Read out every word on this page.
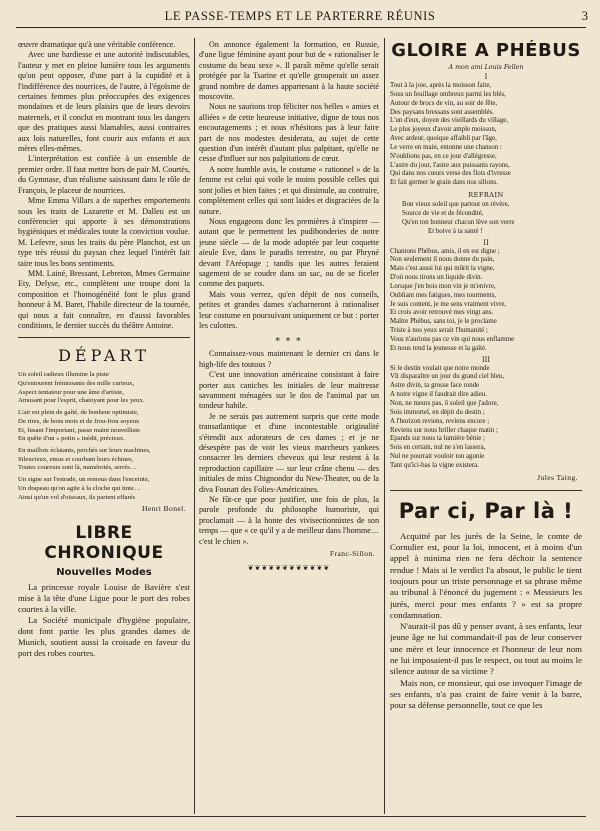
LE PASSE-TEMPS ET LE PARTERRE RÉUNIS	3

œuvre dramatique qu'à une véritable conférence.

Avec une hardiesse et une autorité indiscutables, l'auteur y met en pleine lumière tous les arguments qu'on peut opposer, d'une part à la cupidité et à l'indifférence des nourrices, de l'autre, à l'égoïsme de certaines femmes plus préoccupées des exigences mondaines et de leurs plaisirs que de leurs devoirs maternels, et il conclut en montrant tous les dangers que des pratiques aussi blamables, aussi contraires aux lois naturelles, font courir aux enfants et aux mères elles-mêmes.

L'interprétation est confiée à un ensemble de premier ordre. Il faut mettre hors de pair M. Courtès, du Gymnase, d'un réalisme saisissant dans le rôle de François, le placeur de nourrices.

Mme Emma Villars a de superbes emportements sous les traits de Lazarette et M. Dalleu est un conférencier qui apporte à ses démonstrations hygiéniques et médicales toute la conviction voulue. M. Lefevre, sous les traits du père Planchot, est un type très réussi du paysan chez lequel l'intérêt fait taire tous les bons sentiments.

MM. Lainé, Bressant, Lebreton, Mmes Germaine Ety, Delyse, etc., complètent une troupe dont la composition et l'homogénéité font le plus grand honneur à M. Baret, l'habile directeur de la tournée, qui nous a fait connaître, en d'aussi favorables conditions, le dernier succès du théâtre Antoine.

DÉPART
Un soleil radieux illumine la piste
Qu'entourent frémissants des mille curieux,
Aspect tentateur pour une âme d'artiste,
Amusant pour l'esprit, chatoyant pour les yeux.
L'air est plein de gaîté, de bonheur optimiste,
De rires, de bons mots et de frou-frou soyeux
Et, fusant l'important, passe maint nouvelliste
En quête d'un « potin » inédit, précieux.
En maillots éclatants, perchés sur leurs machines,
Silencieux, emus et courbant leurs échines,
Toutes coureurs sont là, numérotés, serrés…
Un signe sur l'estrade, un remous dans l'enceinte,
Un drapeau qu'on agite à la cloche qui tinte…
Ainsi qu'un vol d'oiseaux, ils partent effarés
Henri Bonel.
LIBRE CHRONIQUE
Nouvelles Modes

La princesse royale Louise de Bavière s'est mise à la tête d'une Ligue pour le port des robes courtes à la ville.

La Société municipale d'hygiène populaire, dont font partie les plus grandes dames de Munich, soutient aussi la croisade en faveur du port des robes courtes.

On annonce également la formation, en Russie, d'une ligue féminine ayant pour but de « rationaliser le costume du beau sexe ». Il paraît même qu'elle serait protégée par la Tsarine et qu'elle grouperait un assez grand nombre de dames appartenant à la haute société moscovite.

Nous ne saurions trop féliciter nos belles « amies et alliées » de cette heureuse initiative, digne de tous nos encouragements ; et nous n'hésitons pas à leur faire part de nos modestes desiderata, au sujet de cette question d'un intérêt d'autant plus palpitant, qu'elle ne cesse d'influer sur nos palpitations de cœur.

A notre humble avis, le costume « rationnel » de la femme est celui qui voile le moins possible celles qui sont jolies et bien faites ; et qui dissimule, au contraire, complètement celles qui sont laides et disgraciées de la nature.

Nous engageons donc les premières à s'inspirer — autant que le permettent les pudibonderies de notre jeune siècle — de la mode adoptée par leur coquette aïeule Eve, dans le paradis terrestre, ou par Phryné devant l'Aréopage ; tandis que les autres feraient sagement de se coudre dans un sac, ou de se ficeler comme des paquets.

Mais vous verrez, qu'en dépit de nos conseils, petites et grandes dames s'acharneront à rationaliser leur costume en poursuivant uniquement ce but : porter les culottes.

* * *

Connaissez-vous maintenant le dernier cri dans le high-life des toutous ?

C'est une innovation américaine consistant à faire porter aux caniches les initiales de leur maitresse savamment ménagées sur le dos de l'animal par un tondeur habile.

Je ne serais pas autrement surpris que cette mode transatlantique et d'une incontestable originalité s'étendit aux adorateurs de ces dames ; et je ne désespère pas de voir les vieux marcheurs yankees consacrer les derniers cheveux qui leur restent à la reproduction capillaire — sur leur crâne chenu — des initiales de miss Chignondor du New-Theater, ou de la diva Fosnatt des Folies-Américaines.

Ne fût-ce que pour justifier, une fois de plus, la parole profonde du philosophe humoriste, qui proclamait — à la honte des vivisectionnistes de son temps — que « ce qu'il y a de meilleur dans l'homme… c'est le chien ».

Franc-Sillon.
❦❦❦❦❦❦❦❦❦❦❦❦
GLOIRE A PHÉBUS
A mon ami Louis Fellen
I
Tout à la joie, après la moisson faite,
Sous un feuillage ombreux parmi les blés,
Autour de brocs de vin, au soir de fête,
Des paysans bressans sont assemblés.
L'un d'eux, doyen des vieillards du village,
Le plus joyeux d'avoir ample moisson,
Avec ardeur, quoique affaibli par l'âge,
Le verre en main, entonne une chanson :
N'oublions pas, en ce jour d'allégresse,
L'astre du jour, l'astre aux puissants rayons,
Qui dans nos cœurs verse des flots d'ivresse
Et fait germer le grain dans nos sillons.
REFRAIN
Bon vieux soleil que partout on révère,
Source de vie et de fécondité,
Qu'en ton honneur chacun lève son verre
Et boive à ta santé !
II
Chantons Phébus, amis, il en est digne ;
Non seulement il nous donne du pain,
Mais c'est aussi lui qui mûrit la vigne,
D'où nous tirons un liquide divin.
Lorsque j'en bois mon vin je m'enivre,
Oubliant mes fatigues, mes tourments,
Je suis content, je me sens vraiment vivre,
Et crois avoir retrouvé mes vingt ans.
Maître Phébus, sans toi, je le proclame
Triste à nos yeux serait l'humanité ;
Vous n'aurions pas ce vin qui nous enflamme
Et nous rend la jeunesse et la gaîté.
III
Si le destin voulait que notre monde
Vît disparaître un jour du grand ciel bleu,
Astre divin, ta grosse face ronde
A notre vigne il faudrait dire adieu.
Non, ne meurs pas, ô soleil que j'adore,
Sois immortel, en dépit du destin ;
A l'horizon reviens, reviens encore ;
Reviens sur nous briller chaque matin ;
Epands sur nous ta lumière bénie ;
Sois en certain, nul ne s'en lassera,
Nul ne pourrait vouloir ton agonie
Tant qu'ici-bas la vigne existera.
Jules Taing.
Par ci, Par là !

Acquitté par les jurés de la Seine, le comte de Cornulier est, pour la loi, innocent, et à moins d'un appel à minima rien ne fera déchoir la sentence rendue ! Mais si le verdict l'a absout, le public le tient toujours pour un triste personnage et sa phrase même au tribunal à l'énoncé du jugement : « Messieurs les jurés, merci pour mes enfants ? » est sa propre condamnation.

N'aurait-il pas dû y penser avant, à ses enfants, leur jeune âge ne lui commandait-il pas de leur conserver une mère et leur innocence et l'honneur de leur nom ne lui imposaient-il pas le respect, ou tout au moins le silence autour de sa victime ?

Mais non, ce monsieur, qui ose invoquer l'image de ses enfants, n'a pas craint de faire venir à la barre, pour sa défense personnelle, tout ce que les
